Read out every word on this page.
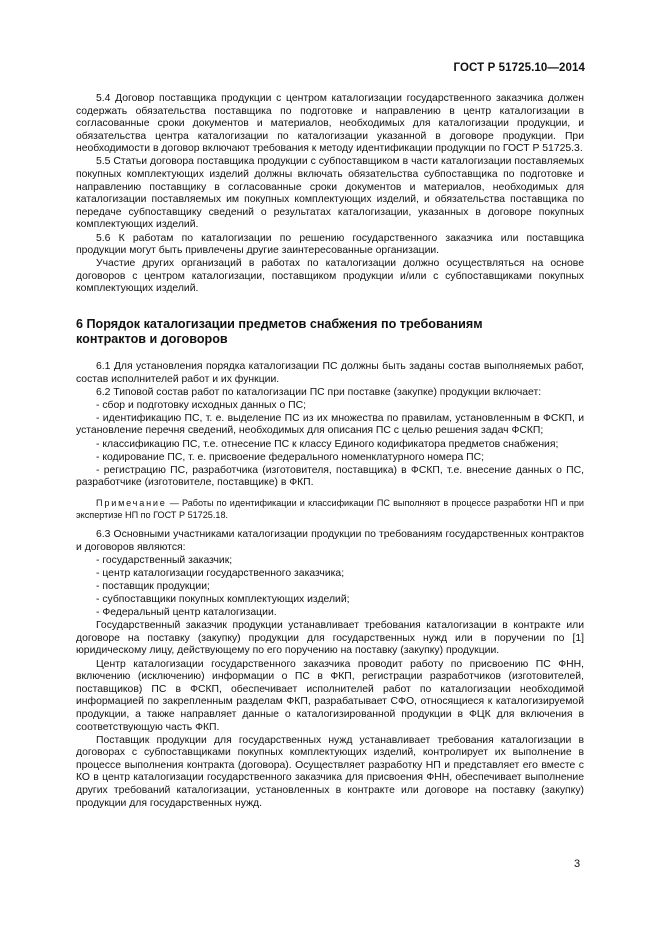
ГОСТ Р 51725.10—2014

5.4 Договор поставщика продукции с центром каталогизации государственного заказчика должен содержать обязательства поставщика по подготовке и направлению в центр каталогизации в согласованные сроки документов и материалов, необходимых для каталогизации продукции, и обязательства центра каталогизации по каталогизации указанной в договоре продукции. При необходимости в договор включают требования к методу идентификации продукции по ГОСТ Р 51725.3.

5.5 Статьи договора поставщика продукции с субпоставщиком в части каталогизации поставляемых покупных комплектующих изделий должны включать обязательства субпоставщика по подготовке и направлению поставщику в согласованные сроки документов и материалов, необходимых для каталогизации поставляемых им покупных комплектующих изделий, и обязательства поставщика по передаче субпоставщику сведений о результатах каталогизации, указанных в договоре покупных комплектующих изделий.

5.6 К работам по каталогизации по решению государственного заказчика или поставщика продукции могут быть привлечены другие заинтересованные организации.

Участие других организаций в работах по каталогизации должно осуществляться на основе договоров с центром каталогизации, поставщиком продукции и/или с субпоставщиками покупных комплектующих изделий.

6 Порядок каталогизации предметов снабжения по требованиям
контрактов и договоров

6.1 Для установления порядка каталогизации ПС должны быть заданы состав выполняемых работ, состав исполнителей работ и их функции.

6.2 Типовой состав работ по каталогизации ПС при поставке (закупке) продукции включает:

- сбор и подготовку исходных данных о ПС;

- идентификацию ПС, т. е. выделение ПС из их множества по правилам, установленным в ФСКП, и установление перечня сведений, необходимых для описания ПС с целью решения задач ФСКП;

- классификацию ПС, т.е. отнесение ПС к классу Единого кодификатора предметов снабжения;

- кодирование ПС, т. е. присвоение федерального номенклатурного номера ПС;

- регистрацию ПС, разработчика (изготовителя, поставщика) в ФСКП, т.е. внесение данных о ПС, разработчике (изготовителе, поставщике) в ФКП.

Примечание — Работы по идентификации и классификации ПС выполняют в процессе разработки НП и при экспертизе НП по ГОСТ Р 51725.18.

6.3 Основными участниками каталогизации продукции по требованиям государственных контрактов и договоров являются:

- государственный заказчик;

- центр каталогизации государственного заказчика;

- поставщик продукции;

- субпоставщики покупных комплектующих изделий;

- Федеральный центр каталогизации.

Государственный заказчик продукции устанавливает требования каталогизации в контракте или договоре на поставку (закупку) продукции для государственных нужд или в поручении по [1] юридическому лицу, действующему по его поручению на поставку (закупку) продукции.

Центр каталогизации государственного заказчика проводит работу по присвоению ПС ФНН, включению (исключению) информации о ПС в ФКП, регистрации разработчиков (изготовителей, поставщиков) ПС в ФСКП, обеспечивает исполнителей работ по каталогизации необходимой информацией по закрепленным разделам ФКП, разрабатывает СФО, относящиеся к каталогизируемой продукции, а также направляет данные о каталогизированной продукции в ФЦК для включения в соответствующую часть ФКП.

Поставщик продукции для государственных нужд устанавливает требования каталогизации в договорах с субпоставщиками покупных комплектующих изделий, контролирует их выполнение в процессе выполнения контракта (договора). Осуществляет разработку НП и представляет его вместе с КО в центр каталогизации государственного заказчика для присвоения ФНН, обеспечивает выполнение других требований каталогизации, установленных в контракте или договоре на поставку (закупку) продукции для государственных нужд.

3
